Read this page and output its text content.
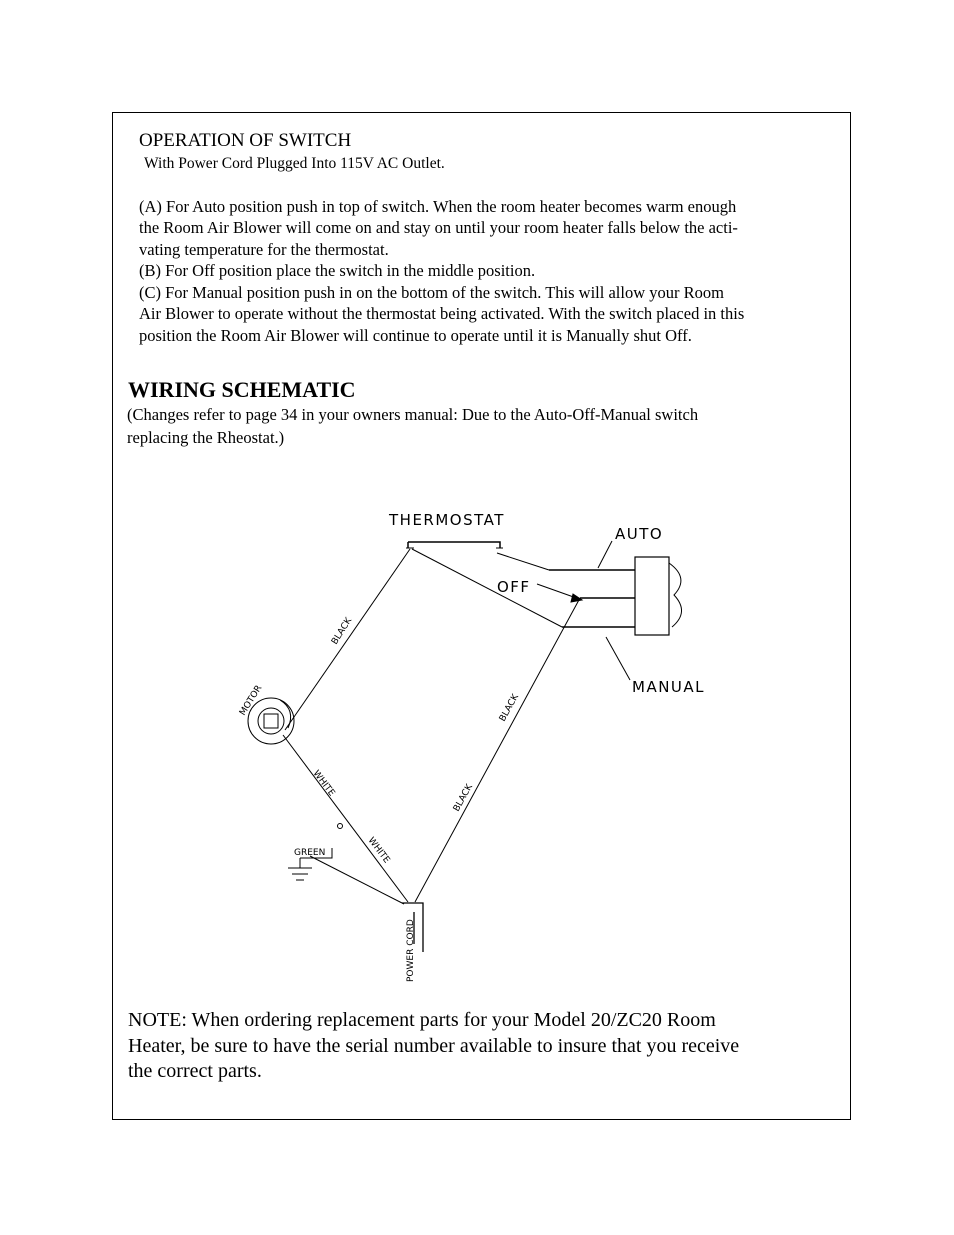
OPERATION OF SWITCH
With Power Cord Plugged Into 115V AC Outlet.
(A) For Auto position push in top of switch. When the room heater becomes warm enough
the Room Air Blower will come on and stay on until your room heater falls below the acti-
vating temperature for the thermostat.
(B) For Off position place the switch in the middle position.
(C) For Manual position push in on the bottom of the switch. This will allow your Room
Air Blower to operate without the thermostat being activated. With the switch placed in this
position the Room Air Blower will continue to operate until it is Manually shut Off.
WIRING SCHEMATIC
(Changes refer to page 34 in your owners manual: Due to the Auto-Off-Manual switch
replacing the Rheostat.)
THERMOSTAT
AUTO
OFF
MANUAL
MOTOR
BLACK
BLACK
BLACK
WHITE
WHITE
GREEN
POWER CORD
NOTE: When ordering replacement parts for your Model 20/ZC20 Room
Heater, be sure to have the serial number available to insure that you receive
the correct parts.
